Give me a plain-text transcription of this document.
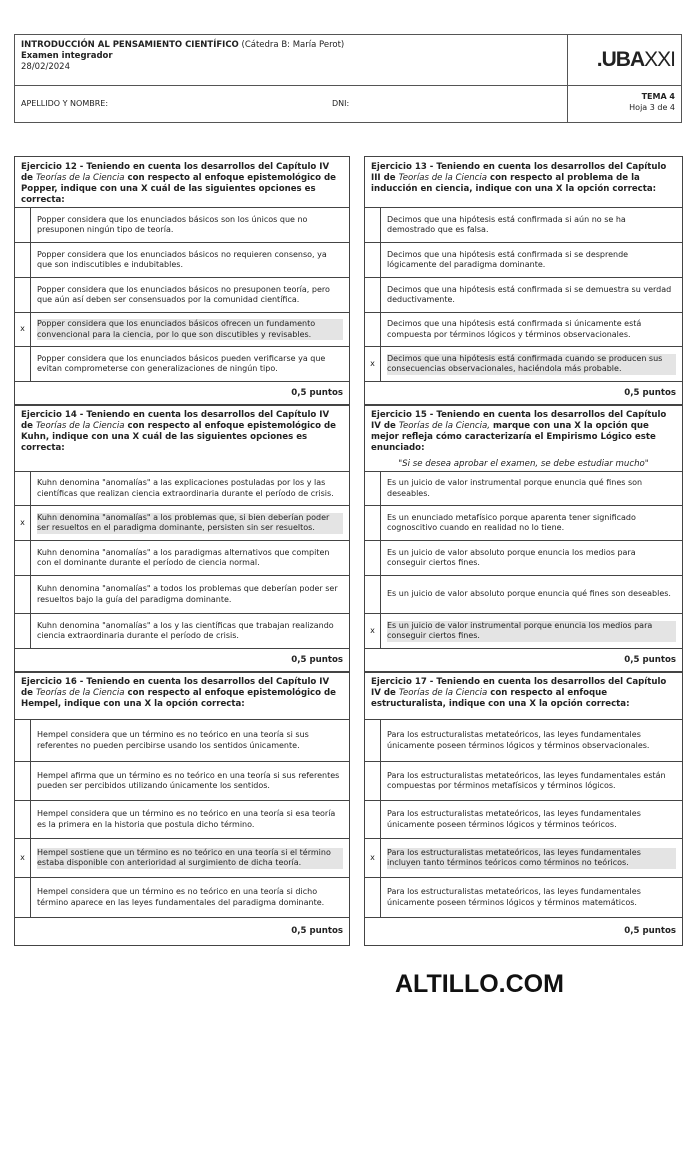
INTRODUCCIÓN AL PENSAMIENTO CIENTÍFICO (Cátedra B: María Perot)
Examen integrador
28/02/2024	.UBA XXI
APELLIDO Y NOMBRE:	DNI:
TEMA 4
Hoja 3 de 4
Ejercicio 12 - Teniendo en cuenta los desarrollos del Capítulo IV de Teorías de la Ciencia con respecto al enfoque epistemológico de Popper, indique con una X cuál de las siguientes opciones es correcta:
Popper considera que los enunciados básicos son los únicos que no presuponen ningún tipo de teoría.
Popper considera que los enunciados básicos no requieren consenso, ya que son indiscutibles e indubitables.
Popper considera que los enunciados básicos no presuponen teoría, pero que aún así deben ser consensuados por la comunidad científica.
x
Popper considera que los enunciados básicos ofrecen un fundamento convencional para la ciencia, por lo que son discutibles y revisables.
Popper considera que los enunciados básicos pueden verificarse ya que evitan comprometerse con generalizaciones de ningún tipo.
0,5 puntos
Ejercicio 13 - Teniendo en cuenta los desarrollos del Capítulo III de Teorías de la Ciencia con respecto al problema de la inducción en ciencia, indique con una X la opción correcta:
Decimos que una hipótesis está confirmada si aún no se ha demostrado que es falsa.
Decimos que una hipótesis está confirmada si se desprende lógicamente del paradigma dominante.
Decimos que una hipótesis está confirmada si se demuestra su verdad deductivamente.
Decimos que una hipótesis está confirmada si únicamente está compuesta por términos lógicos y términos observacionales.
x
Decimos que una hipótesis está confirmada cuando se producen sus consecuencias observacionales, haciéndola más probable.
0,5 puntos
Ejercicio 14 - Teniendo en cuenta los desarrollos del Capítulo IV de Teorías de la Ciencia con respecto al enfoque epistemológico de Kuhn, indique con una X cuál de las siguientes opciones es correcta:
Kuhn denomina "anomalías" a las explicaciones postuladas por los y las científicas que realizan ciencia extraordinaria durante el período de crisis.
x
Kuhn denomina "anomalías" a los problemas que, si bien deberían poder ser resueltos en el paradigma dominante, persisten sin ser resueltos.
Kuhn denomina "anomalías" a los paradigmas alternativos que compiten con el dominante durante el período de ciencia normal.
Kuhn denomina "anomalías" a todos los problemas que deberían poder ser resueltos bajo la guía del paradigma dominante.
Kuhn denomina "anomalías" a los y las científicas que trabajan realizando ciencia extraordinaria durante el período de crisis.
0,5 puntos
Ejercicio 15 - Teniendo en cuenta los desarrollos del Capítulo IV de Teorías de la Ciencia, marque con una X la opción que mejor refleja cómo caracterizaría el Empirismo Lógico este enunciado:
"Si se desea aprobar el examen, se debe estudiar mucho"
Es un juicio de valor instrumental porque enuncia qué fines son deseables.
Es un enunciado metafísico porque aparenta tener significado cognoscitivo cuando en realidad no lo tiene.
Es un juicio de valor absoluto porque enuncia los medios para conseguir ciertos fines.
Es un juicio de valor absoluto porque enuncia qué fines son deseables.
x
Es un juicio de valor instrumental porque enuncia los medios para conseguir ciertos fines.
0,5 puntos
Ejercicio 16 - Teniendo en cuenta los desarrollos del Capítulo IV de Teorías de la Ciencia con respecto al enfoque epistemológico de Hempel, indique con una X la opción correcta:
Hempel considera que un término es no teórico en una teoría si sus referentes no pueden percibirse usando los sentidos únicamente.
Hempel afirma que un término es no teórico en una teoría si sus referentes pueden ser percibidos utilizando únicamente los sentidos.
Hempel considera que un término es no teórico en una teoría si esa teoría es la primera en la historia que postula dicho término.
x
Hempel sostiene que un término es no teórico en una teoría si el término estaba disponible con anterioridad al surgimiento de dicha teoría.
Hempel considera que un término es no teórico en una teoría si dicho término aparece en las leyes fundamentales del paradigma dominante.
0,5 puntos
Ejercicio 17 - Teniendo en cuenta los desarrollos del Capítulo IV de Teorías de la Ciencia con respecto al enfoque estructuralista, indique con una X la opción correcta:
Para los estructuralistas metateóricos, las leyes fundamentales únicamente poseen términos lógicos y términos observacionales.
Para los estructuralistas metateóricos, las leyes fundamentales están compuestas por términos metafísicos y términos lógicos.
Para los estructuralistas metateóricos, las leyes fundamentales únicamente poseen términos lógicos y términos teóricos.
x
Para los estructuralistas metateóricos, las leyes fundamentales incluyen tanto términos teóricos como términos no teóricos.
Para los estructuralistas metateóricos, las leyes fundamentales únicamente poseen términos lógicos y términos matemáticos.
0,5 puntos
ALTILLO.COM
